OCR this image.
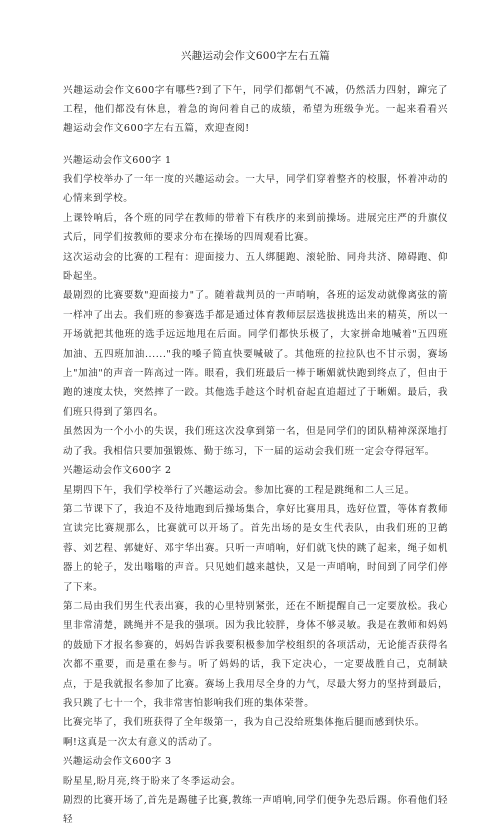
兴趣运动会作文600字左右五篇

兴趣运动会作文600字有哪些?到了下午，同学们都朝气不减，仍然活力四射，蹿完了工程，他们都没有休息，着急的询问着自己的成绩，希望为班级争光。一起来看看兴趣运动会作文600字左右五篇，欢迎查阅!

兴趣运动会作文600字 1

我们学校举办了一年一度的兴趣运动会。一大早，同学们穿着整齐的校服，怀着冲动的心情来到学校。

上课铃响后，各个班的同学在教师的带着下有秩序的来到前操场。进展完庄严的升旗仪式后，同学们按教师的要求分布在操场的四周观看比赛。

这次运动会的比赛的工程有：迎面接力、五人绑腿跑、滚轮胎、同舟共济、障碍跑、仰卧起坐。

最剧烈的比赛要数"迎面接力"了。随着裁判员的一声哨响，各班的运发动就像离弦的箭一样冲了出去。我们班的参赛选手都是通过体育教师层层选拔挑选出来的精英，所以一开场就把其他班的选手远远地甩在后面。同学们都快乐极了，大家拼命地喊着"五四班加油、五四班加油......"我的嗓子简直快要喊破了。其他班的拉拉队也不甘示弱，赛场上"加油"的声音一阵高过一阵。眼看，我们班最后一棒于晰媚就快跑到终点了，但由于跑的速度太快，突然摔了一跤。其他选手趁这个时机奋起直追超过了于晰媚。最后，我们班只得到了第四名。

虽然因为一个小小的失误，我们班这次没拿到第一名，但是同学们的团队精神深深地打动了我。我相信只要加强锻炼、勤于练习，下一届的运动会我们班一定会夺得冠军。

兴趣运动会作文600字 2

星期四下午，我们学校举行了兴趣运动会。参加比赛的工程是跳绳和二人三足。

第二节课下了，我迫不及待地跑到后操场集合，拿好比赛用具，选好位置，等体育教师宣读完比赛规那么，比赛就可以开场了。首先出场的是女生代表队，由我们班的卫鹤蓉、刘艺程、郭婕好、邓宇华出赛。只听一声哨响，好们就飞快的跳了起来，绳子如机器上的轮子，发出嗡嗡的声音。只见她们越来越快，又是一声哨响，时间到了同学们停了下来。

第二局由我们男生代表出赛，我的心里特别紧张，还在不断提醒自己一定要放松。我心里非常清楚，跳绳并不是我的强项。因为我比较胖，身体不够灵敏。我是在教师和妈妈的鼓励下才报名参赛的，妈妈告诉我要积极参加学校组织的各项活动，无论能否获得名次都不重要，而是重在参与。听了妈妈的话，我下定决心，一定要战胜自己，克制缺点，于是我就报名参加了比赛。赛场上我用尽全身的力气，尽最大努力的坚持到最后，我只跳了七十一个，我非常害怕影响我们班的集体荣誉。

比赛完毕了，我们班获得了全年级第一，我为自己没给班集体拖后腿而感到快乐。

啊!这真是一次太有意义的活动了。

兴趣运动会作文600字 3

盼星星,盼月亮,终于盼来了冬季运动会。

剧烈的比赛开场了,首先是踢毽子比赛,教练一声哨响,同学们便争先恐后踢。你看他们轻轻
